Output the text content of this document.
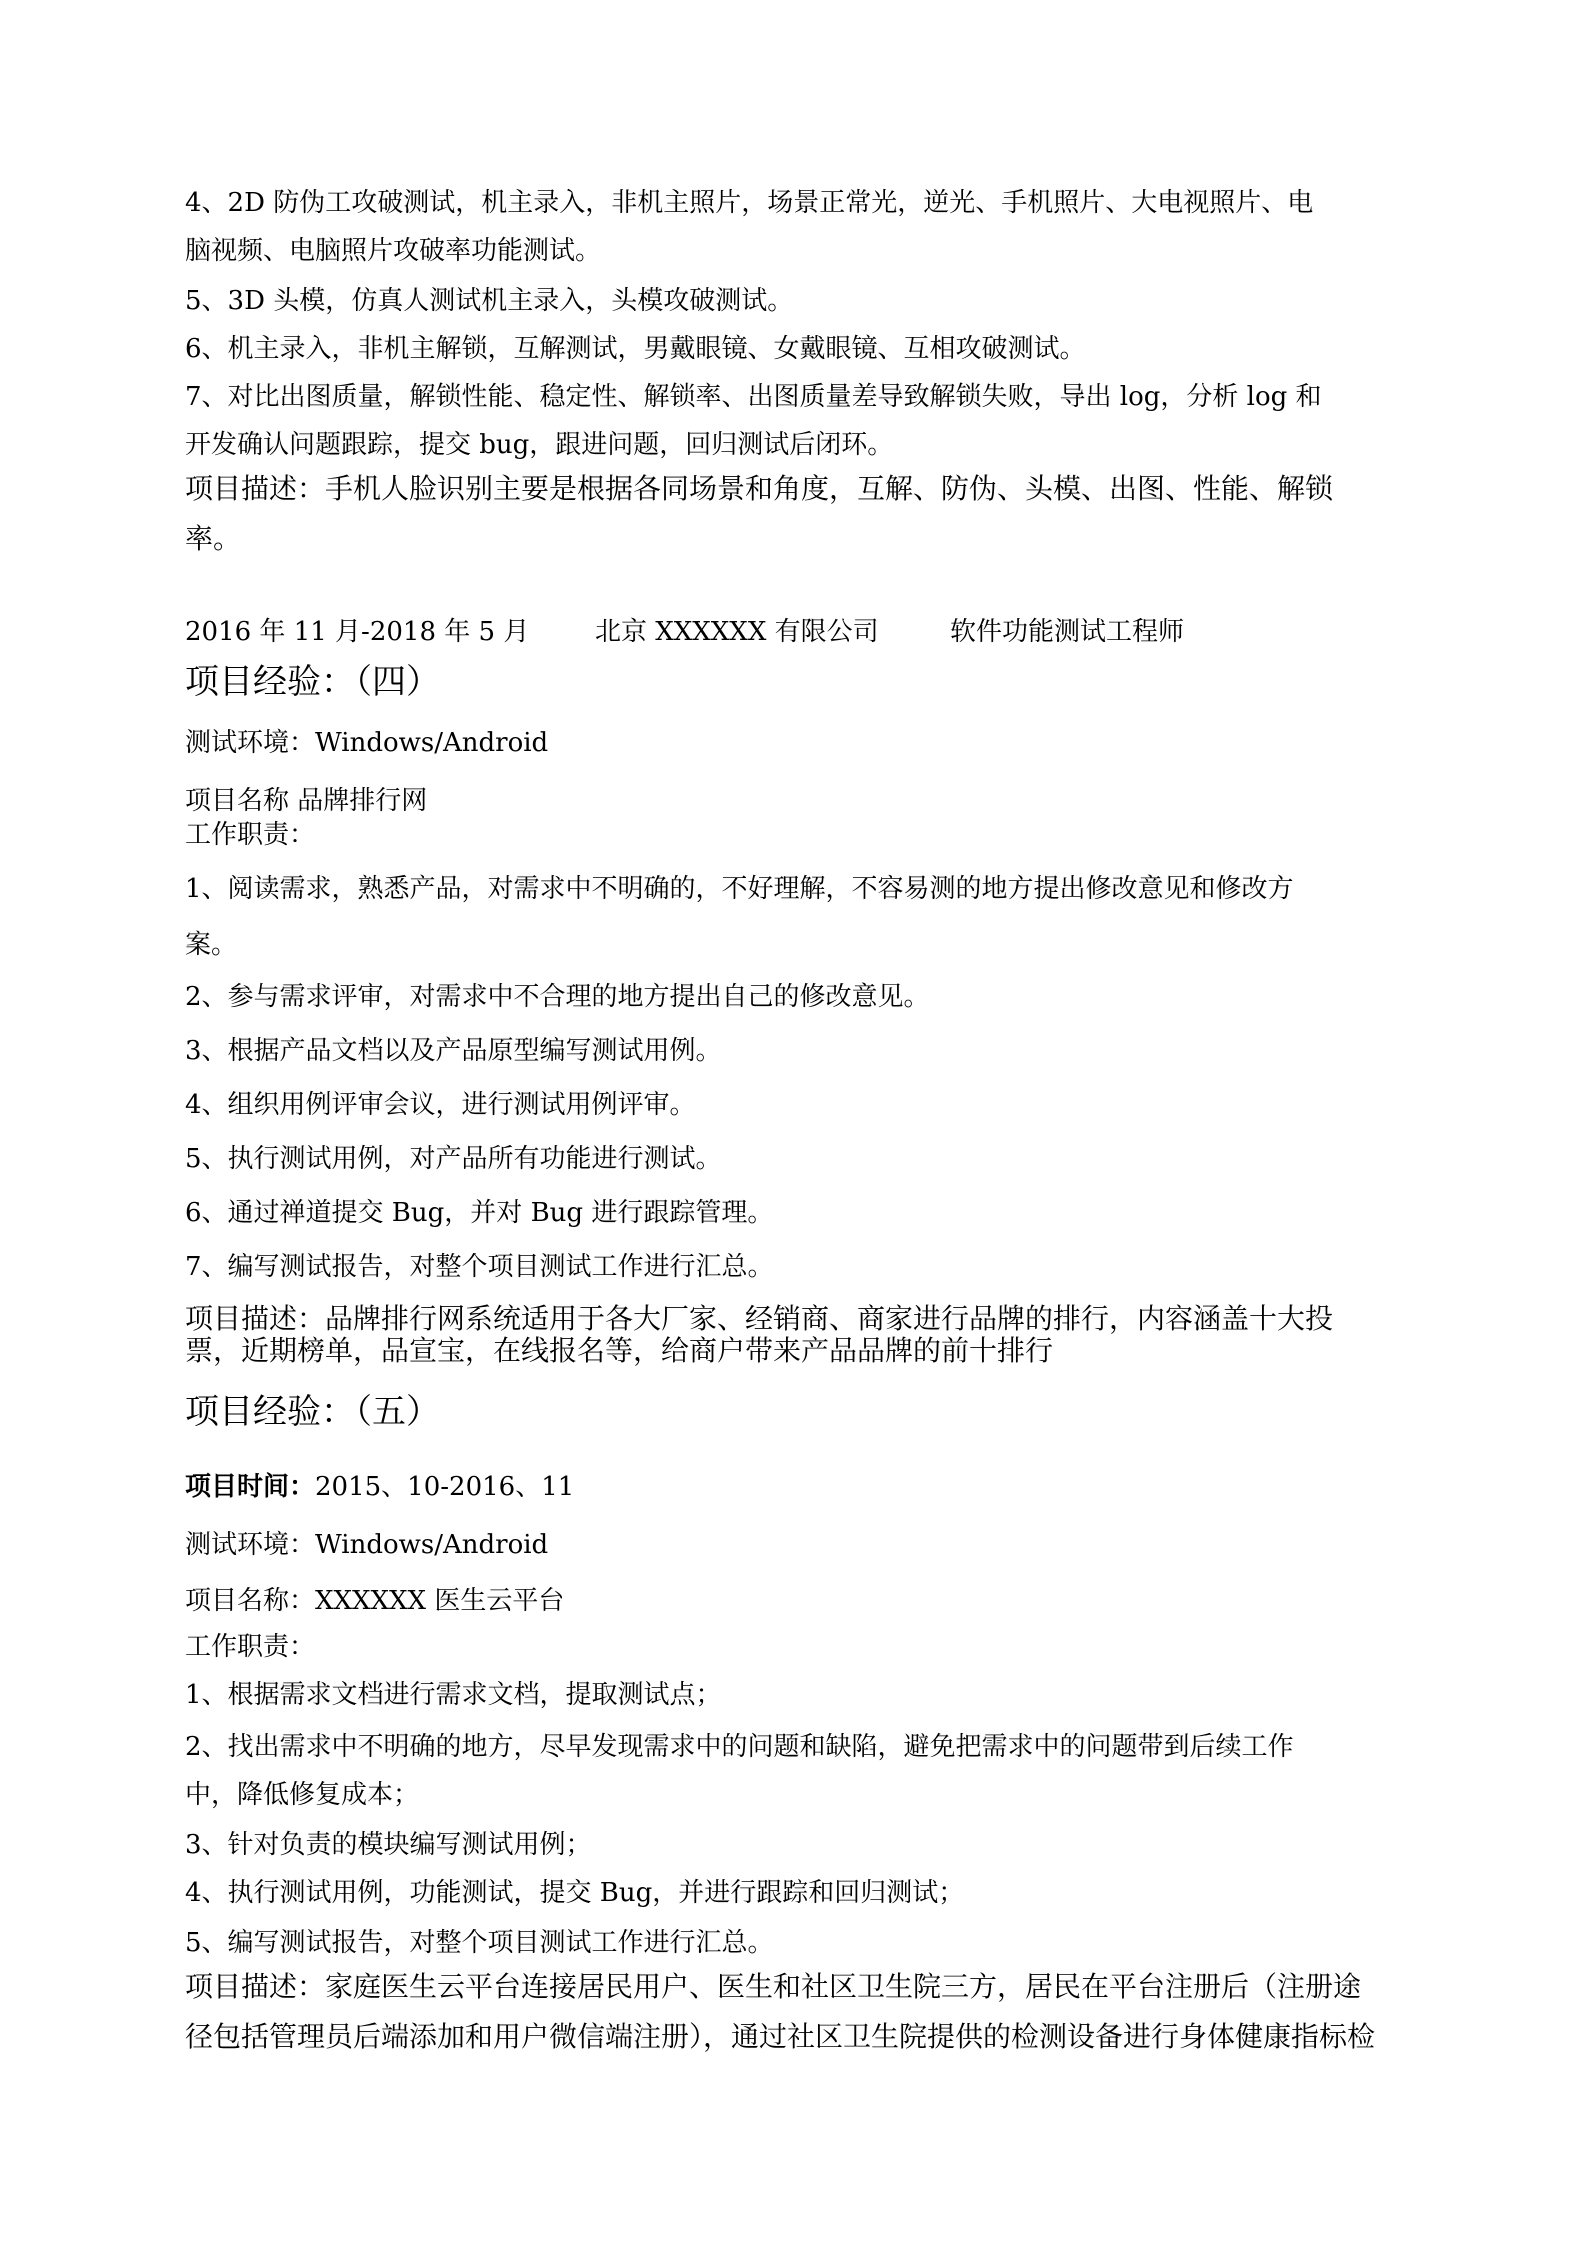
4、2D 防伪工攻破测试，机主录入，非机主照片，场景正常光，逆光、手机照片、大电视照片、电
脑视频、电脑照片攻破率功能测试。
5、3D 头模，仿真人测试机主录入，头模攻破测试。
6、机主录入，非机主解锁，互解测试，男戴眼镜、女戴眼镜、互相攻破测试。
7、对比出图质量，解锁性能、稳定性、解锁率、出图质量差导致解锁失败，导出 log，分析 log 和
开发确认问题跟踪，提交 bug，跟进问题，回归测试后闭环。
项目描述：手机人脸识别主要是根据各同场景和角度，互解、防伪、头模、出图、性能、解锁
率。
2016 年 11 月-2018 年 5 月	北京 XXXXXX 有限公司	软件功能测试工程师
项目经验：（四）
测试环境：Windows/Android
项目名称 品牌排行网
工作职责：
1、阅读需求，熟悉产品，对需求中不明确的，不好理解，不容易测的地方提出修改意见和修改方
案。
2、参与需求评审，对需求中不合理的地方提出自己的修改意见。
3、根据产品文档以及产品原型编写测试用例。
4、组织用例评审会议，进行测试用例评审。
5、执行测试用例，对产品所有功能进行测试。
6、通过禅道提交 Bug，并对 Bug 进行跟踪管理。
7、编写测试报告，对整个项目测试工作进行汇总。
项目描述：品牌排行网系统适用于各大厂家、经销商、商家进行品牌的排行，内容涵盖十大投
票，近期榜单，品宣宝，在线报名等，给商户带来产品品牌的前十排行
项目经验：（五）
项目时间：2015、10-2016、11
测试环境：Windows/Android
项目名称：XXXXXX 医生云平台
工作职责：
1、根据需求文档进行需求文档，提取测试点；
2、找出需求中不明确的地方，尽早发现需求中的问题和缺陷，避免把需求中的问题带到后续工作
中，降低修复成本；
3、针对负责的模块编写测试用例；
4、执行测试用例，功能测试，提交 Bug，并进行跟踪和回归测试；
5、编写测试报告，对整个项目测试工作进行汇总。
项目描述：家庭医生云平台连接居民用户、医生和社区卫生院三方，居民在平台注册后（注册途
径包括管理员后端添加和用户微信端注册），通过社区卫生院提供的检测设备进行身体健康指标检
